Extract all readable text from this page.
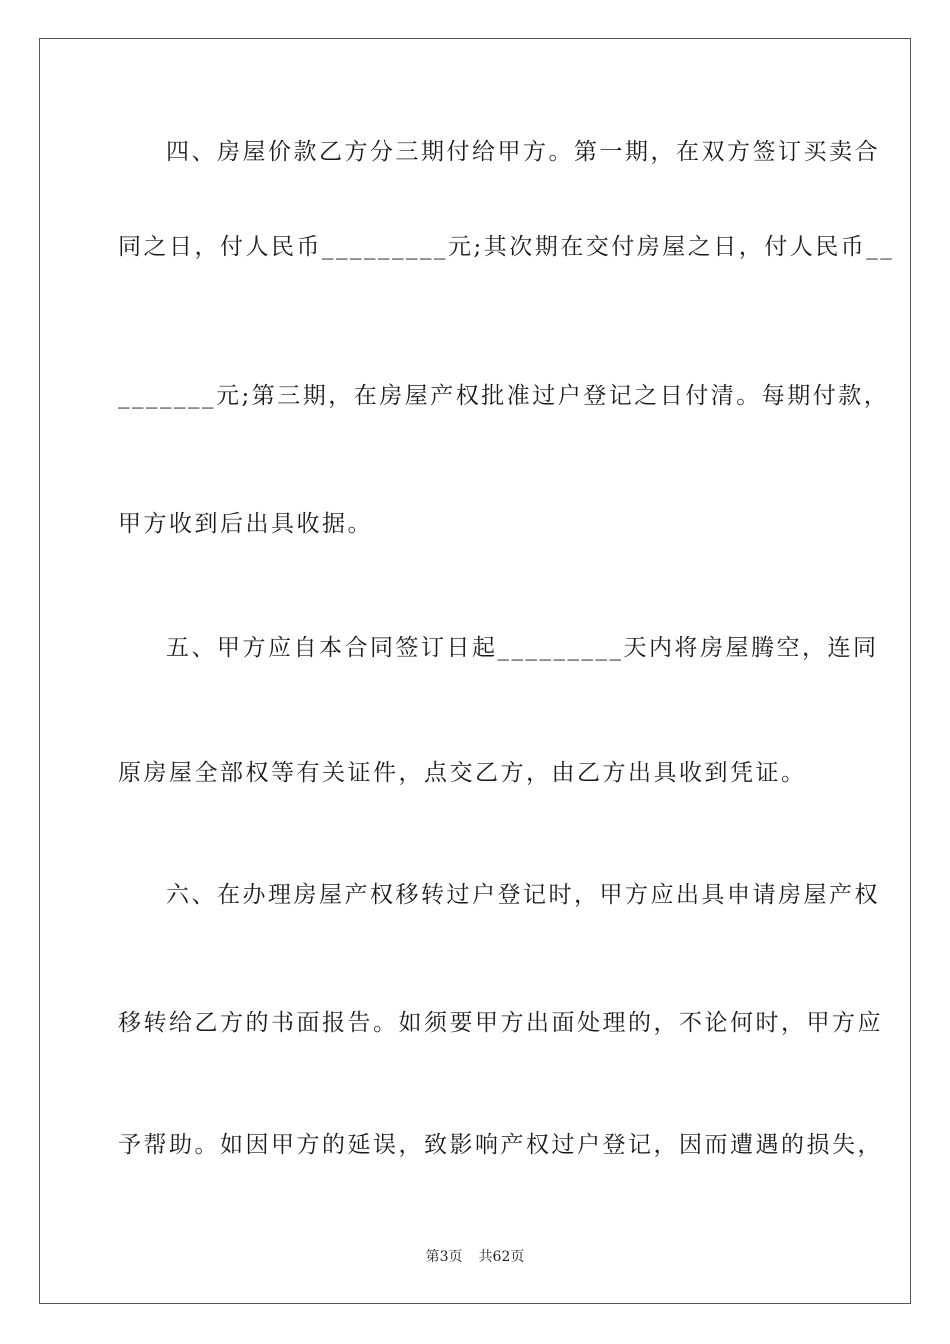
四、房屋价款乙方分三期付给甲方。第一期，在双方签订买卖合

同之日，付人民币_________元;其次期在交付房屋之日，付人民币__

_______元;第三期，在房屋产权批准过户登记之日付清。每期付款，

甲方收到后出具收据。

五、甲方应自本合同签订日起_________天内将房屋腾空，连同

原房屋全部权等有关证件，点交乙方，由乙方出具收到凭证。

六、在办理房屋产权移转过户登记时，甲方应出具申请房屋产权

移转给乙方的书面报告。如须要甲方出面处理的，不论何时，甲方应

予帮助。如因甲方的延误，致影响产权过户登记，因而遭遇的损失，

第3页 共62页
